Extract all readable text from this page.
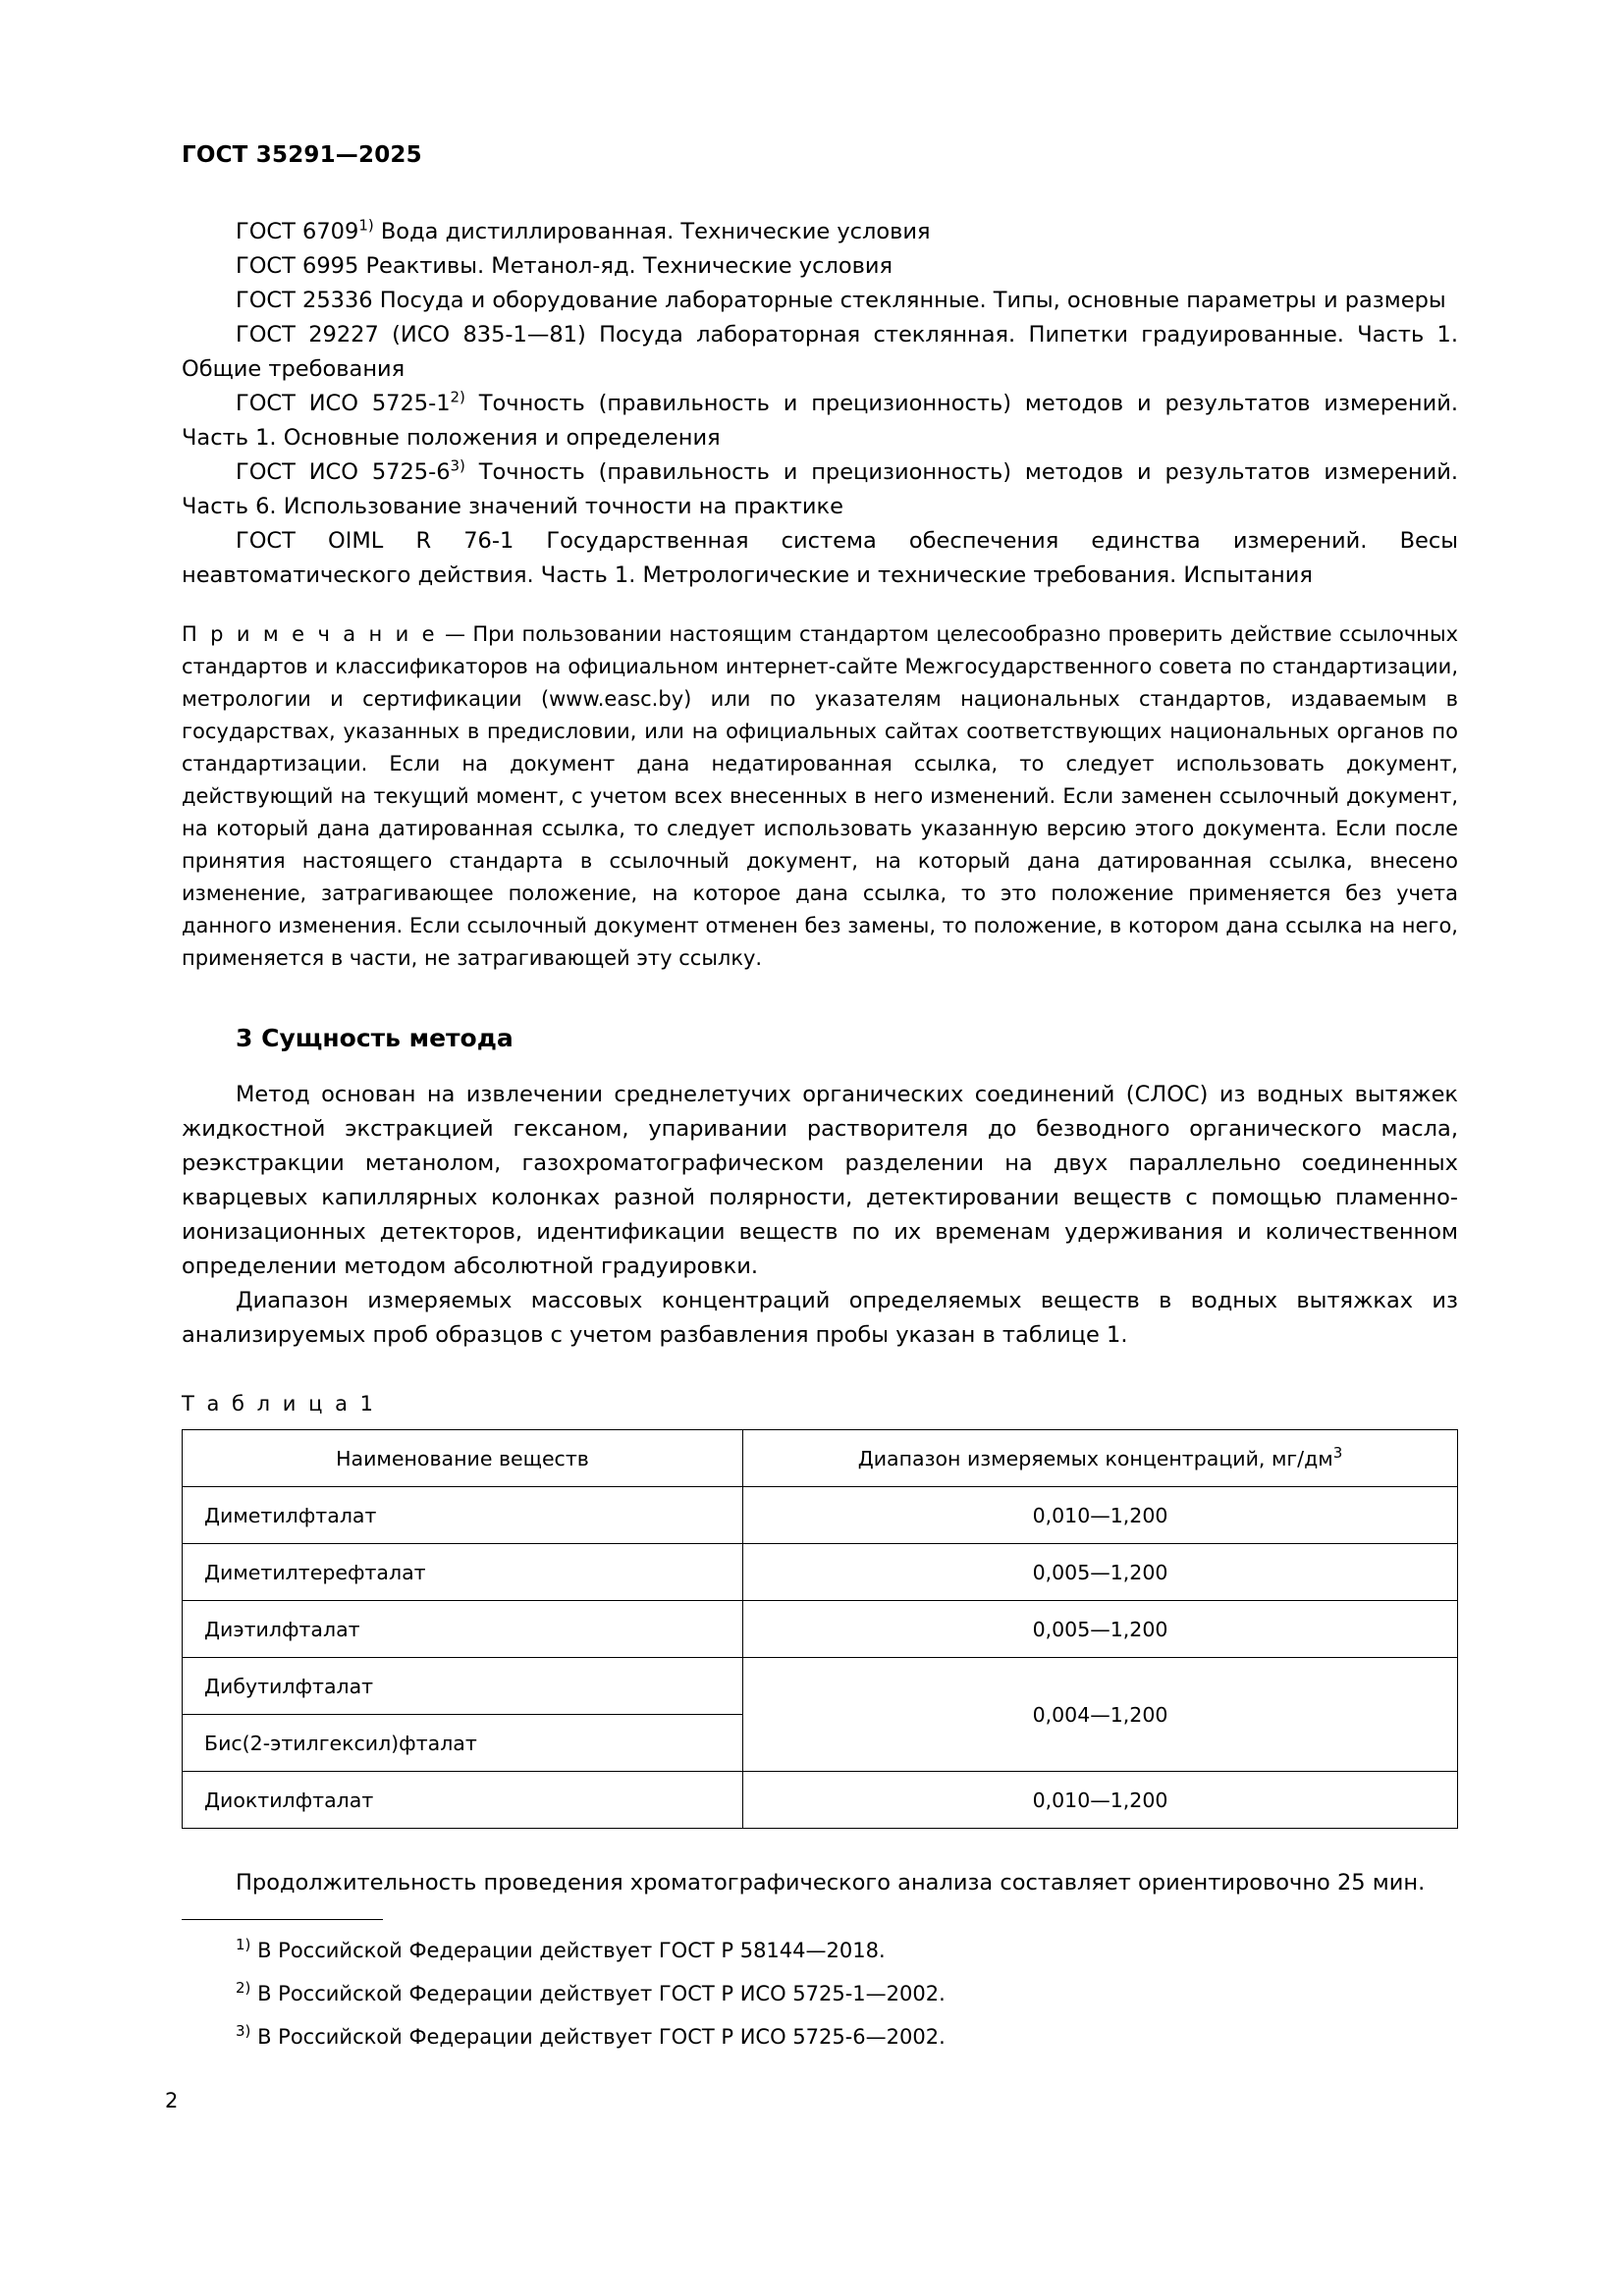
ГОСТ 35291—2025

ГОСТ 6709$^{1)}$ Вода дистиллированная. Технические условия

ГОСТ 6995 Реактивы. Метанол-яд. Технические условия

ГОСТ 25336 Посуда и оборудование лабораторные стеклянные. Типы, основные параметры и размеры

ГОСТ 29227 (ИСО 835-1—81) Посуда лабораторная стеклянная. Пипетки градуированные. Часть 1. Общие требования

ГОСТ ИСО 5725-1$^{2)}$ Точность (правильность и прецизионность) методов и результатов измерений. Часть 1. Основные положения и определения

ГОСТ ИСО 5725-6$^{3)}$ Точность (правильность и прецизионность) методов и результатов измерений. Часть 6. Использование значений точности на практике

ГОСТ OIML R 76-1 Государственная система обеспечения единства измерений. Весы неавтоматического действия. Часть 1. Метрологические и технические требования. Испытания

П р и м е ч а н и е — При пользовании настоящим стандартом целесообразно проверить действие ссылочных стандартов и классификаторов на официальном интернет-сайте Межгосударственного совета по стандартизации, метрологии и сертификации (www.easc.by) или по указателям национальных стандартов, издаваемым в государствах, указанных в предисловии, или на официальных сайтах соответствующих национальных органов по стандартизации. Если на документ дана недатированная ссылка, то следует использовать документ, действующий на текущий момент, с учетом всех внесенных в него изменений. Если заменен ссылочный документ, на который дана датированная ссылка, то следует использовать указанную версию этого документа. Если после принятия настоящего стандарта в ссылочный документ, на который дана датированная ссылка, внесено изменение, затрагивающее положение, на которое дана ссылка, то это положение применяется без учета данного изменения. Если ссылочный документ отменен без замены, то положение, в котором дана ссылка на него, применяется в части, не затрагивающей эту ссылку.
3 Сущность метода

Метод основан на извлечении среднелетучих органических соединений (СЛОС) из водных вытяжек жидкостной экстракцией гексаном, упаривании растворителя до безводного органического масла, реэкстракции метанолом, газохроматографическом разделении на двух параллельно соединенных кварцевых капиллярных колонках разной полярности, детектировании веществ с помощью пламенно-ионизационных детекторов, идентификации веществ по их временам удерживания и количественном определении методом абсолютной градуировки.

Диапазон измеряемых массовых концентраций определяемых веществ в водных вытяжках из анализируемых проб образцов с учетом разбавления пробы указан в таблице 1.

Т а б л и ц а 1
Наименование веществ	Диапазон измеряемых концентраций, $мг/дм^3$
Диметилфталат	0,010—1,200
Диметилтерефталат	0,005—1,200
Диэтилфталат	0,005—1,200
Дибутилфталат	0,004—1,200
Бис(2-этилгексил)фталат	
Диоктилфталат	0,010—1,200

Продолжительность проведения хроматографического анализа составляет ориентировочно 25 мин.

$^{1)}$ В Российской Федерации действует ГОСТ Р 58144—2018.

$^{2)}$ В Российской Федерации действует ГОСТ Р ИСО 5725-1—2002.

$^{3)}$ В Российской Федерации действует ГОСТ Р ИСО 5725-6—2002.

2
